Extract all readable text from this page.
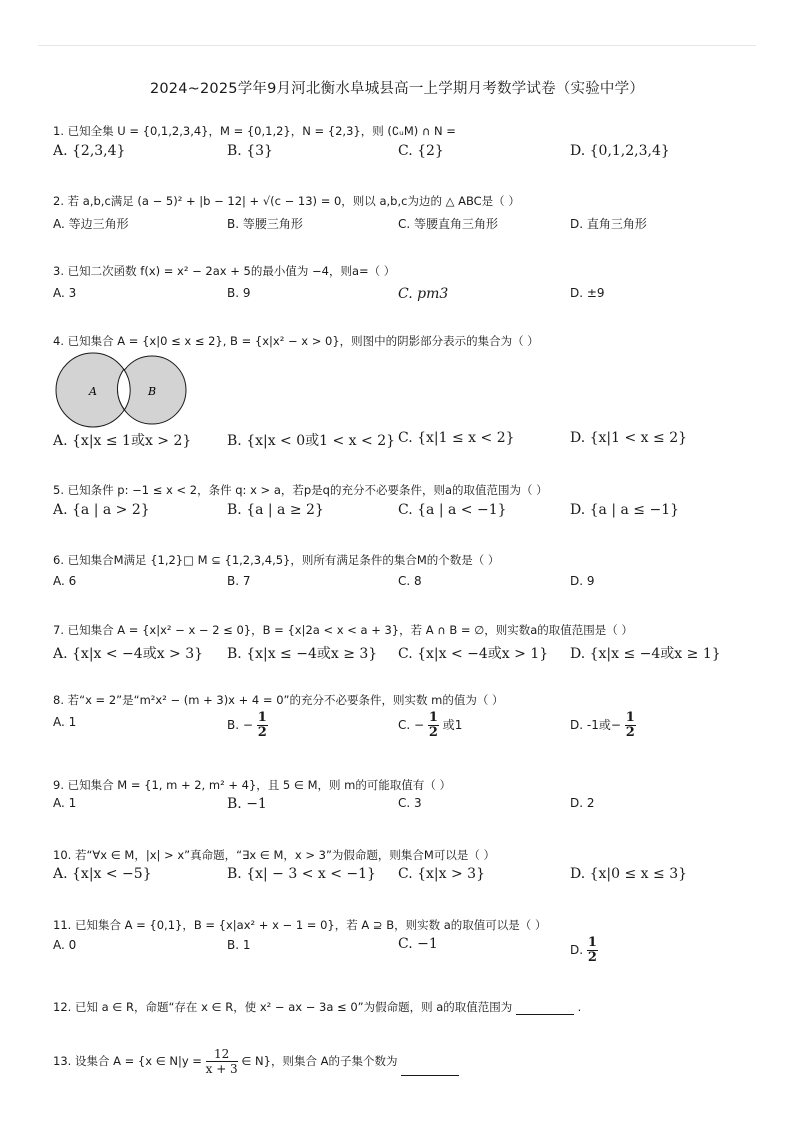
2024~2025学年9月河北衡水阜城县高一上学期月考数学试卷（实验中学）
1. 已知全集 U = {0,1,2,3,4}，M = {0,1,2}，N = {2,3}，则 (∁ᵤM) ∩ N =
A. {2,3,4}	B. {3}	C. {2}	D. {0,1,2,3,4}
2. 若 a,b,c满足 (a − 5)² + |b − 12| + √(c − 13) = 0，则以 a,b,c为边的 △ ABC是（ ）
A. 等边三角形	B. 等腰三角形	C. 等腰直角三角形	D. 直角三角形
3. 已知二次函数 f(x) = x² − 2ax + 5的最小值为 −4，则a=（ ）
A. 3	B. 9	C. pm3	D. ±9
4. 已知集合 A = {x|0 ≤ x ≤ 2}, B = {x|x² − x > 0}，则图中的阴影部分表示的集合为（ ）
A	B
A. {x|x ≤ 1或x > 2}	B. {x|x < 0或1 < x < 2} C. {x|1 ≤ x < 2}	D. {x|1 < x ≤ 2}
5. 已知条件 p: −1 ≤ x < 2，条件 q: x > a，若p是q的充分不必要条件，则a的取值范围为（ ）
A. {a | a > 2}	B. {a | a ≥ 2}	C. {a | a < −1}	D. {a | a ≤ −1}
6. 已知集合M满足 {1,2}□ M ⊆ {1,2,3,4,5}，则所有满足条件的集合M的个数是（ ）
A. 6	B. 7	C. 8	D. 9
7. 已知集合 A = {x|x² − x − 2 ≤ 0}，B = {x|2a < x < a + 3}，若 A ∩ B = ∅，则实数a的取值范围是（ ）
A. {x|x < −4或x > 3} B. {x|x ≤ −4或x ≥ 3} C. {x|x < −4或x > 1} D. {x|x ≤ −4或x ≥ 1}
8. 若“x = 2”是“m²x² − (m + 3)x + 4 = 0”的充分不必要条件，则实数 m的值为（ ）
A. 1	B. − $\frac{1}{2}$	C. − $\frac{1}{2}$ 或1	D. -1或− $\frac{1}{2}$
9. 已知集合 M = {1, m + 2, m² + 4}，且 5 ∈ M，则 m的可能取值有（ ）
A. 1	B. −1	C. 3	D. 2
10. 若“∀x ∈ M，|x| > x”真命题，“∃x ∈ M，x > 3”为假命题，则集合M可以是（ ）
A. {x|x < −5}	B. {x| − 3 < x < −1} C. {x|x > 3}	D. {x|0 ≤ x ≤ 3}
11. 已知集合 A = {0,1}，B = {x|ax² + x − 1 = 0}，若 A ⊇ B，则实数 a的取值可以是（ ）
A. 0	B. 1	C. −1	D. $\frac{1}{2}$
12. 已知 a ∈ R，命题“存在 x ∈ R，使 x² − ax − 3a ≤ 0”为假命题，则 a的取值范围为	.
13. 设集合 A = {x ∈ $N|y = \frac{12}{x + 3}$ ∈ N}，则集合 A的子集个数为
